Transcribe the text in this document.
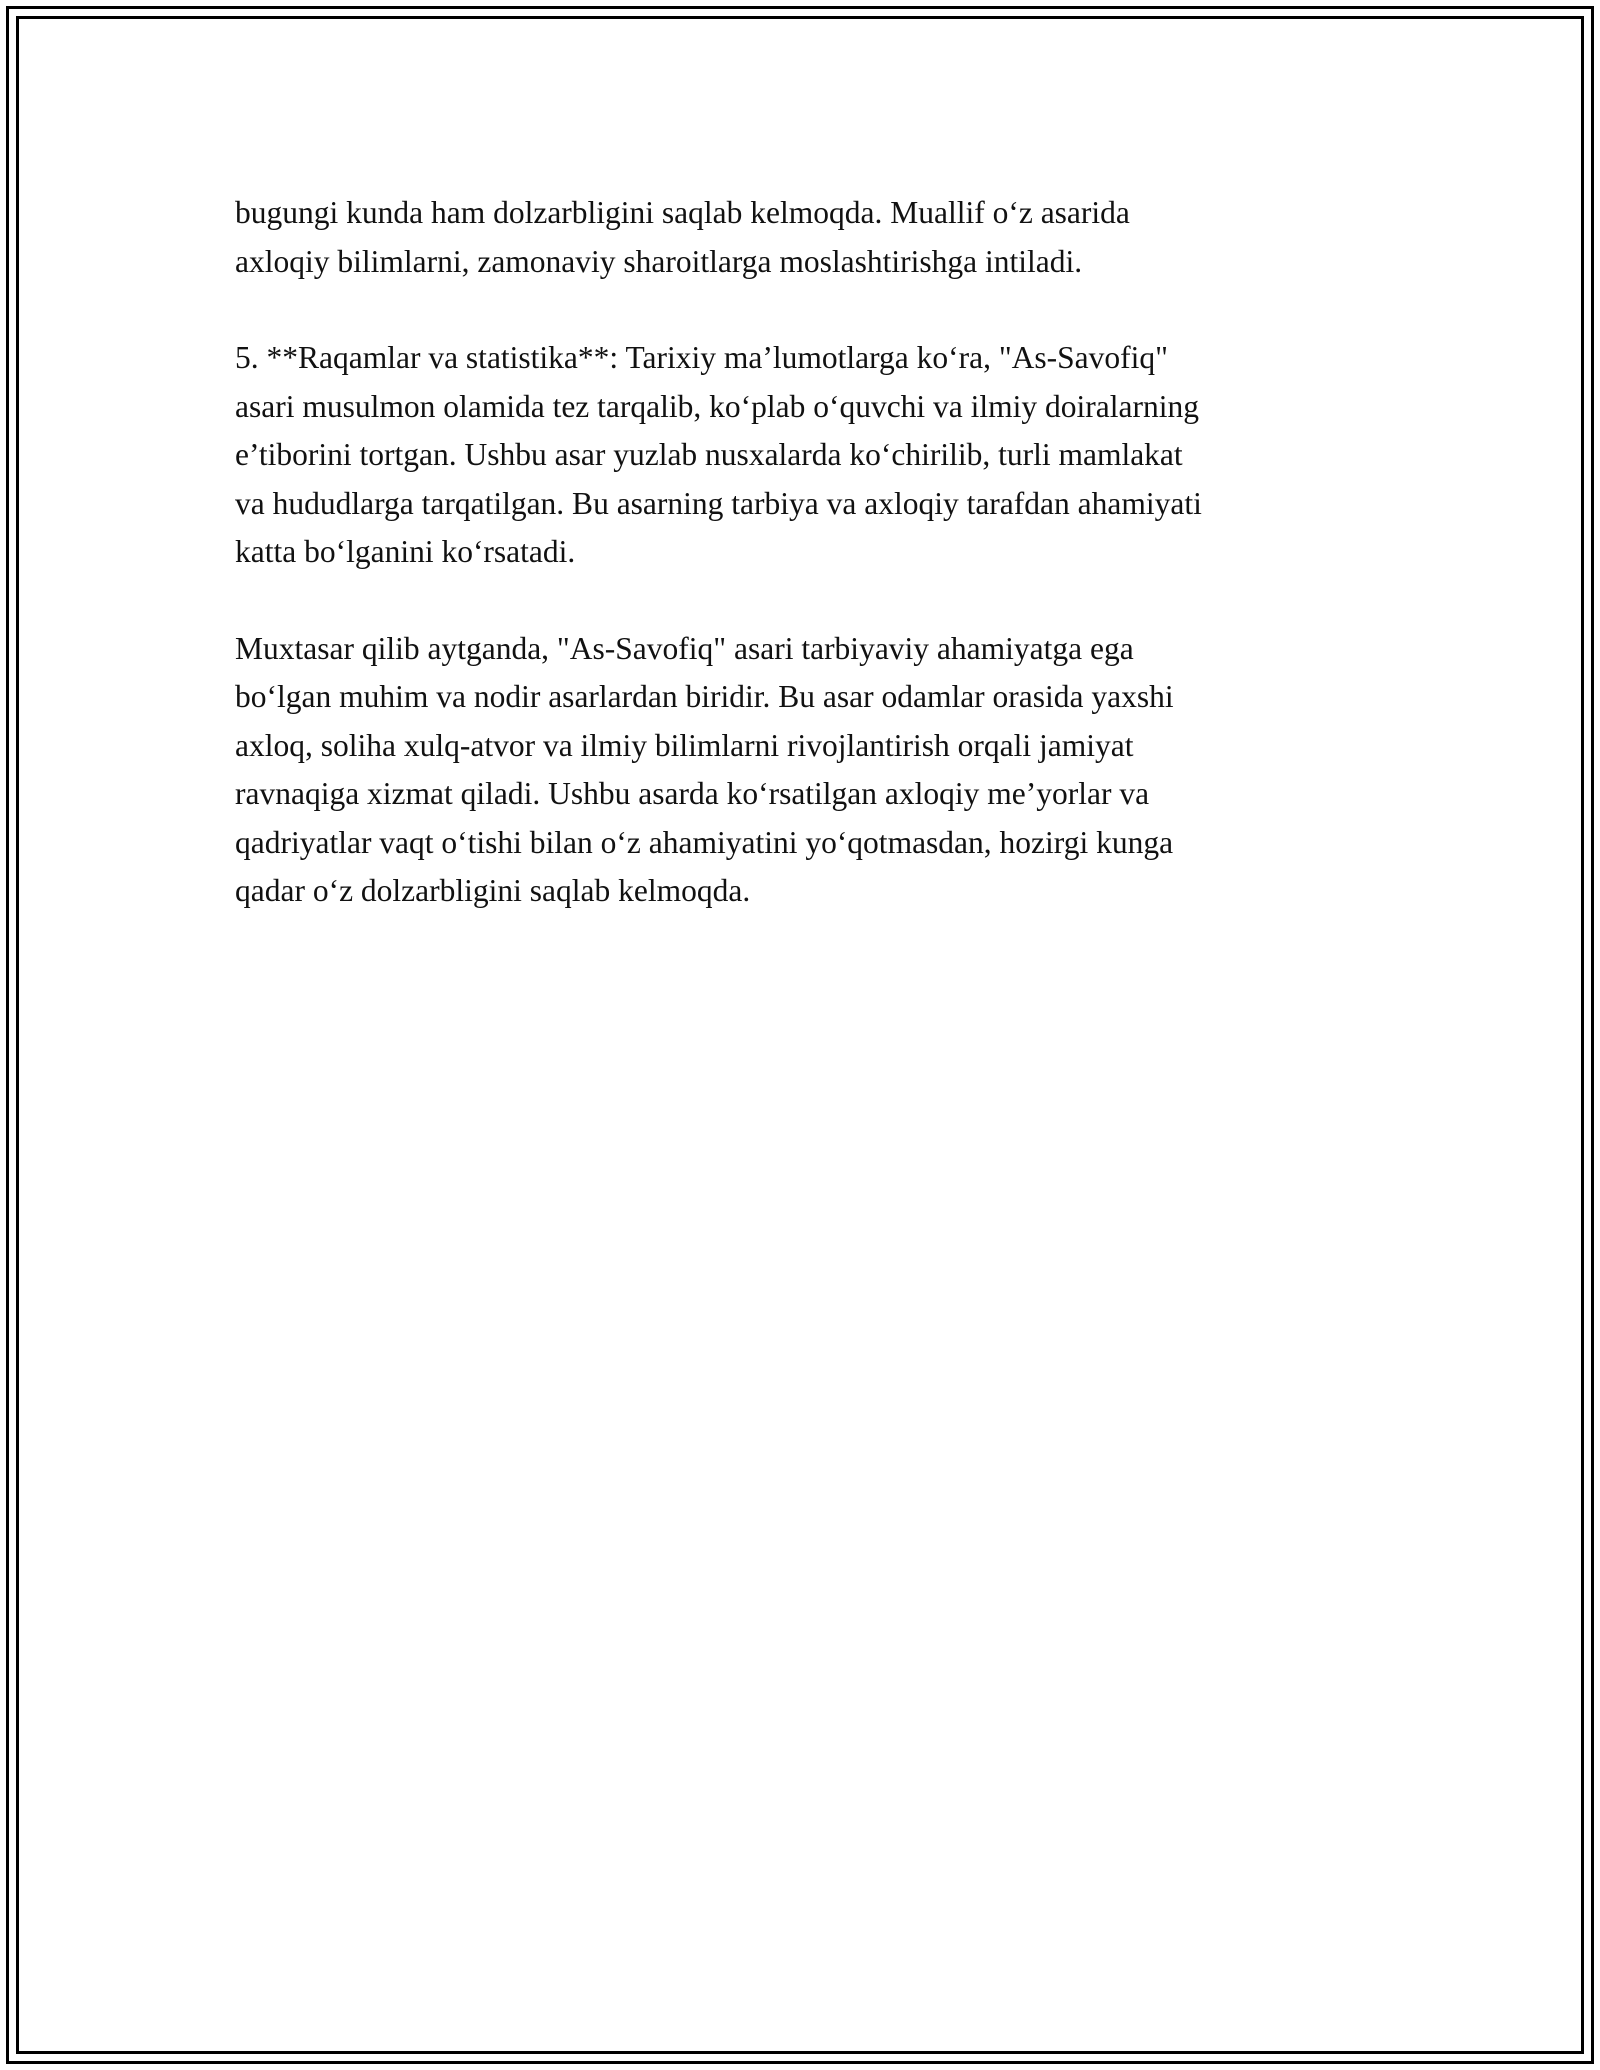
bugungi kunda ham dolzarbligini saqlab kelmoqda. Muallif o‘z asarida
axloqiy bilimlarni, zamonaviy sharoitlarga moslashtirishga intiladi.

5. **Raqamlar va statistika**: Tarixiy ma’lumotlarga ko‘ra, "As-Savofiq"
asari musulmon olamida tez tarqalib, ko‘plab o‘quvchi va ilmiy doiralarning
e’tiborini tortgan. Ushbu asar yuzlab nusxalarda ko‘chirilib, turli mamlakat
va hududlarga tarqatilgan. Bu asarning tarbiya va axloqiy tarafdan ahamiyati
katta bo‘lganini ko‘rsatadi.

Muxtasar qilib aytganda, "As-Savofiq" asari tarbiyaviy ahamiyatga ega
bo‘lgan muhim va nodir asarlardan biridir. Bu asar odamlar orasida yaxshi
axloq, soliha xulq-atvor va ilmiy bilimlarni rivojlantirish orqali jamiyat
ravnaqiga xizmat qiladi. Ushbu asarda ko‘rsatilgan axloqiy me’yorlar va
qadriyatlar vaqt o‘tishi bilan o‘z ahamiyatini yo‘qotmasdan, hozirgi kunga
qadar o‘z dolzarbligini saqlab kelmoqda.
